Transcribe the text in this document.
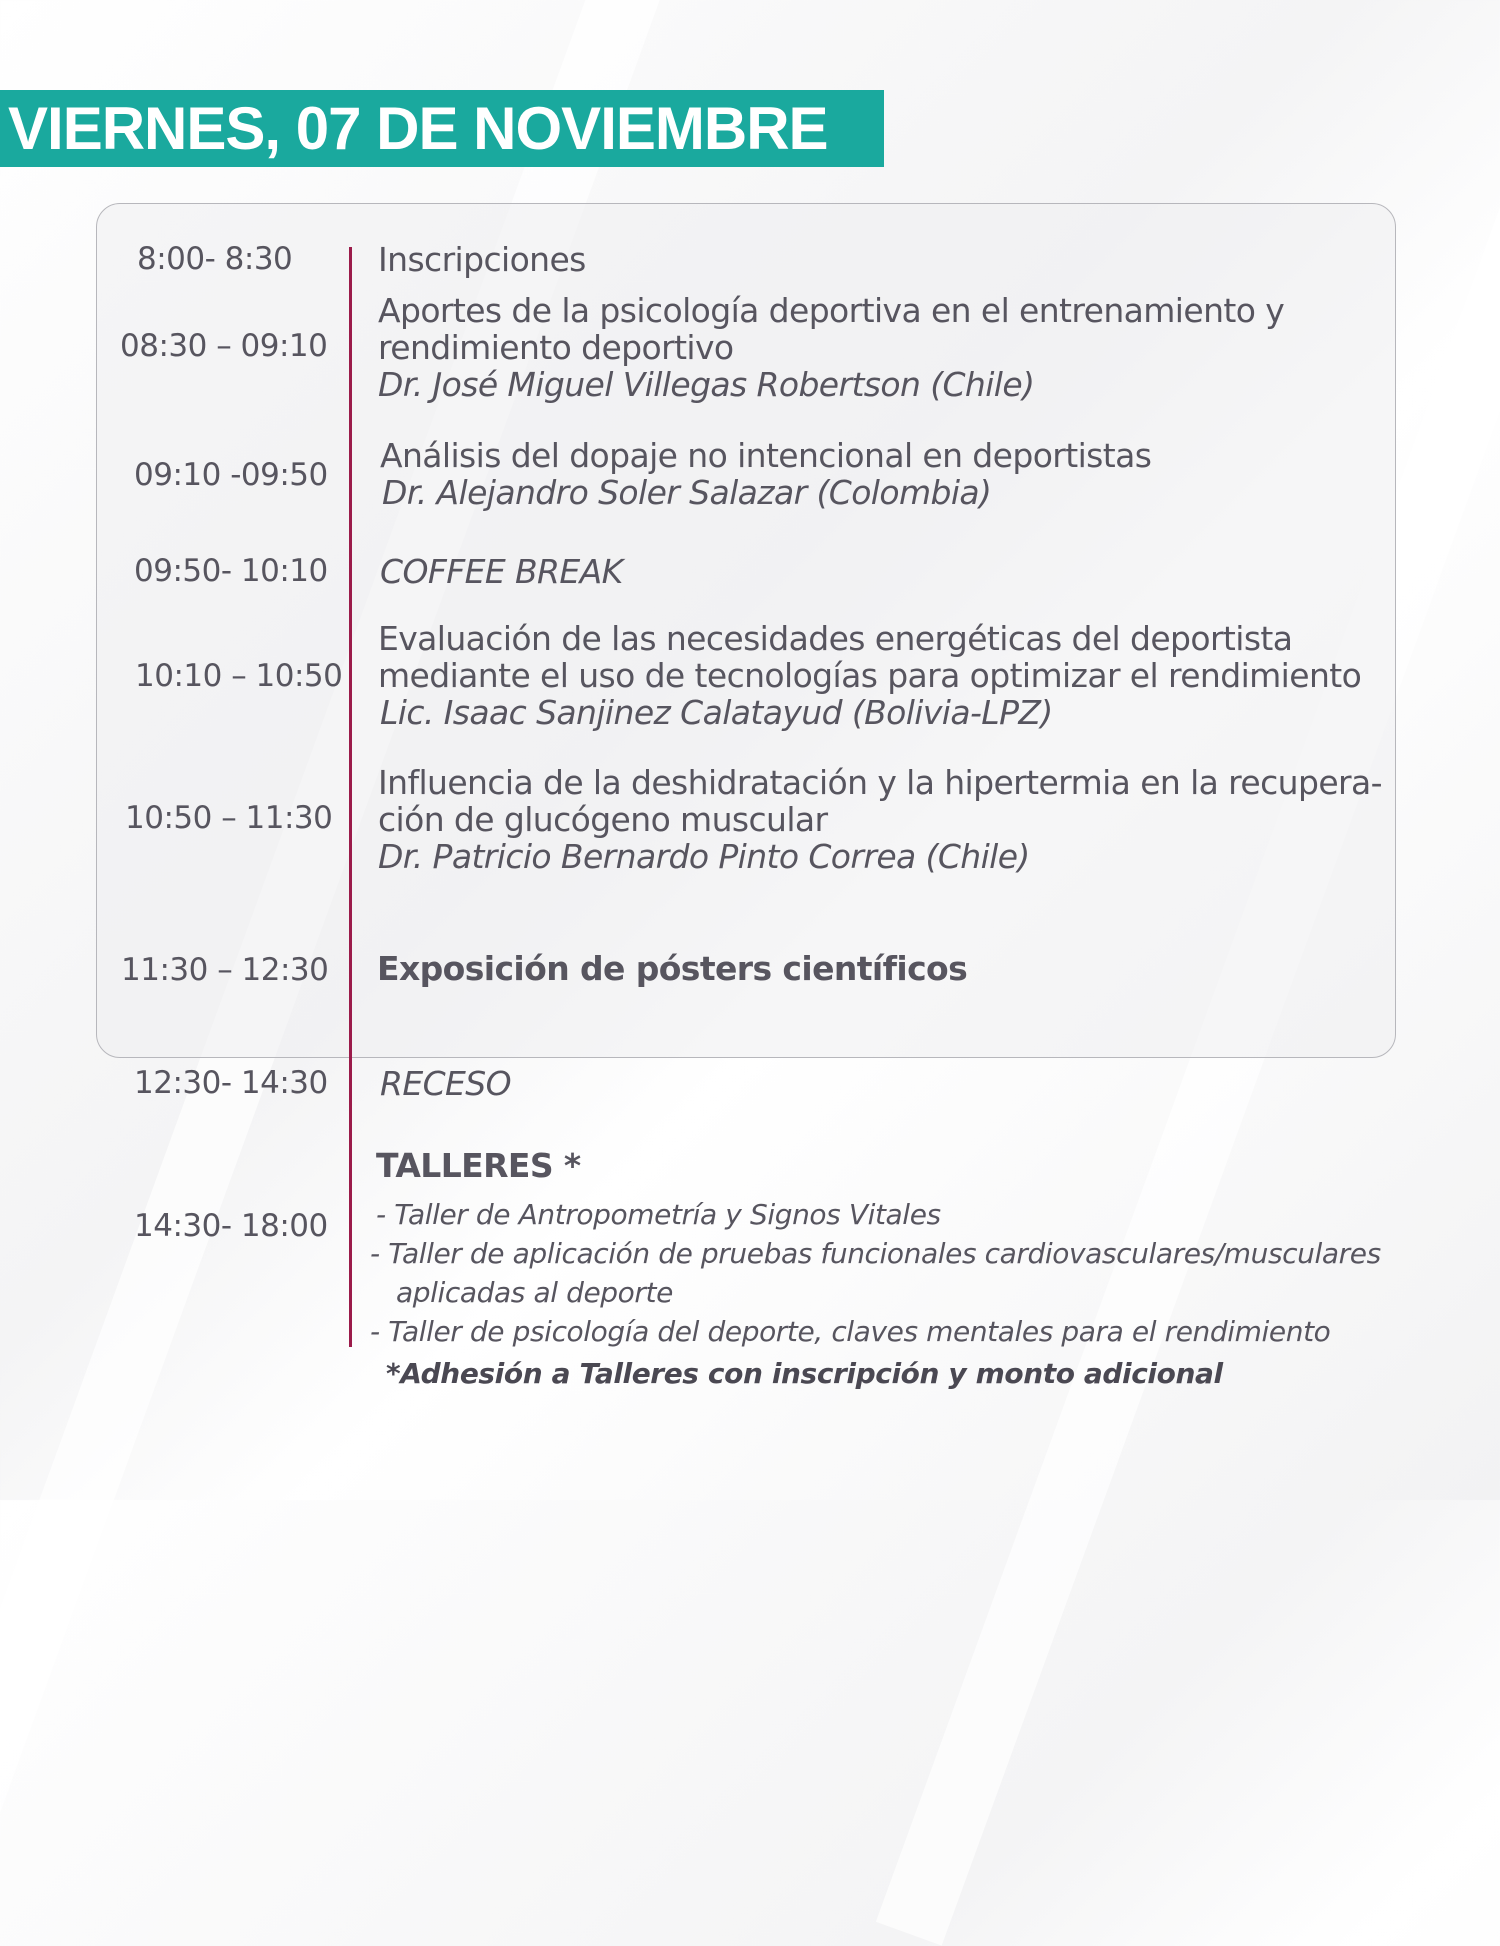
VIERNES, 07 DE NOVIEMBRE
8:00- 8:30	Inscripciones
08:30 – 09:10
Aportes de la psicología deportiva en el entrenamiento y
rendimiento deportivo
Dr. José Miguel Villegas Robertson (Chile)
09:10 -09:50 Análisis del dopaje no intencional en deportistas
Dr. Alejandro Soler Salazar (Colombia)
09:50- 10:10 COFFEE BREAK
10:10 – 10:50
Evaluación de las necesidades energéticas del deportista
mediante el uso de tecnologías para optimizar el rendimiento
Lic. Isaac Sanjinez Calatayud (Bolivia-LPZ)
10:50 – 11:30
Influencia de la deshidratación y la hipertermia en la recupera-
ción de glucógeno muscular
Dr. Patricio Bernardo Pinto Correa (Chile)
11:30 – 12:30 Exposición de pósters científicos
12:30- 14:30 RECESO
14:30- 18:00
TALLERES *
- Taller de Antropometría y Signos Vitales
- Taller de aplicación de pruebas funcionales cardiovasculares/musculares
aplicadas al deporte
- Taller de psicología del deporte, claves mentales para el rendimiento
*Adhesión a Talleres con inscripción y monto adicional
